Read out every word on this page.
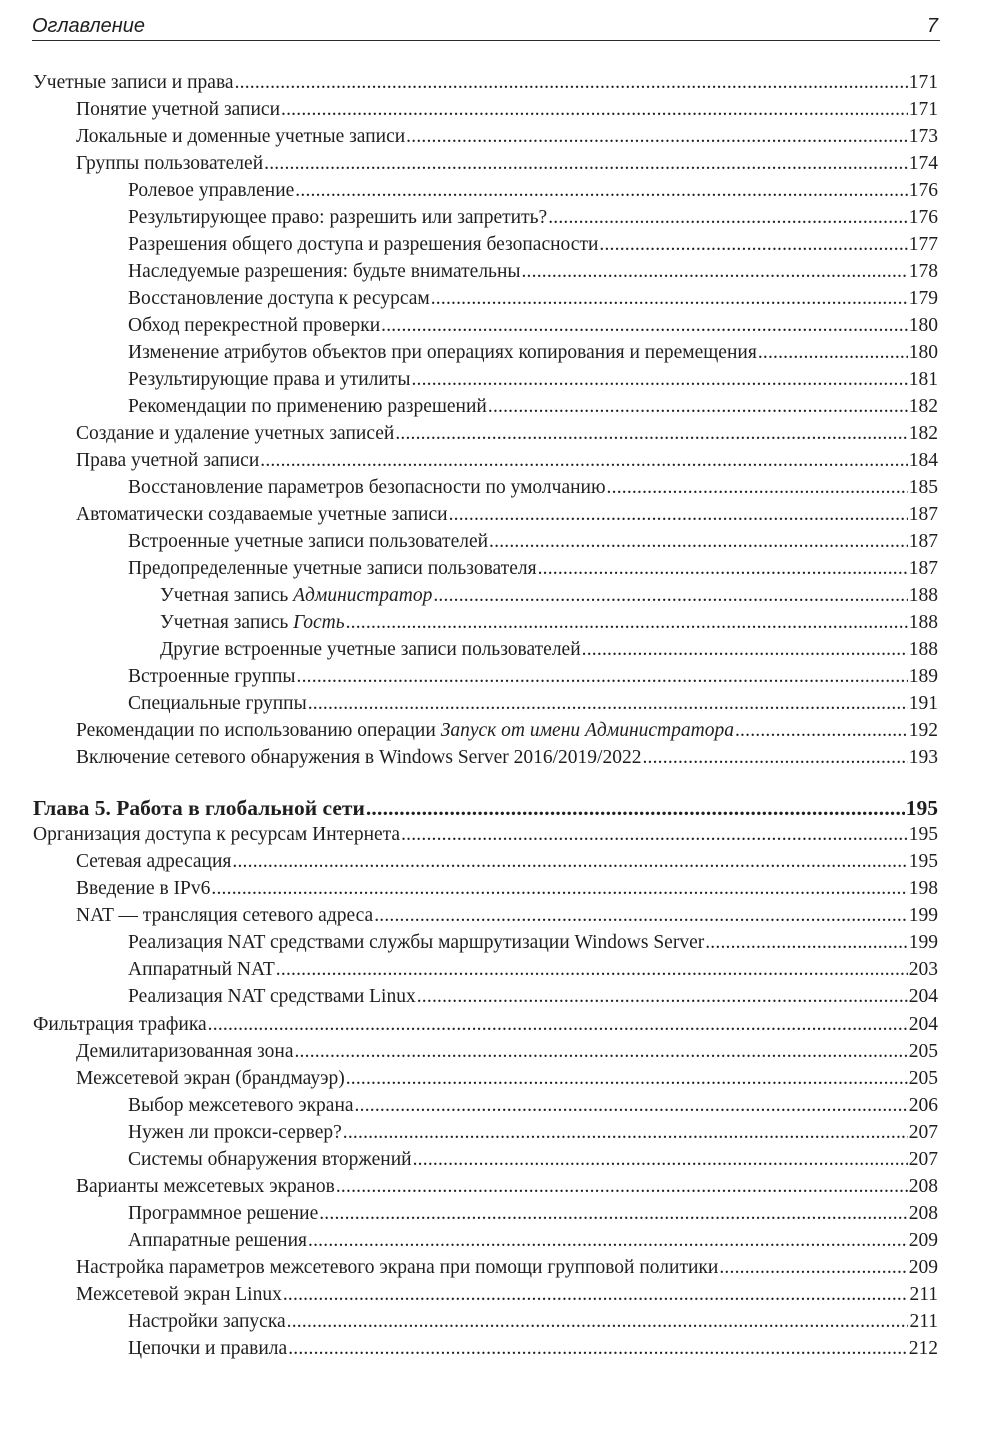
Оглавление	7
Учетные записи и права .....	171
Понятие учетной записи .....	171
Локальные и доменные учетные записи .....	173
Группы пользователей .....	174
Ролевое управление .....	176
Результирующее право: разрешить или запретить? .....	176
Разрешения общего доступа и разрешения безопасности .....	177
Наследуемые разрешения: будьте внимательны .....	178
Восстановление доступа к ресурсам .....	179
Обход перекрестной проверки .....	180
Изменение атрибутов объектов при операциях копирования и перемещения .....	180
Результирующие права и утилиты .....	181
Рекомендации по применению разрешений .....	182
Создание и удаление учетных записей .....	182
Права учетной записи .....	184
Восстановление параметров безопасности по умолчанию .....	185
Автоматически создаваемые учетные записи .....	187
Встроенные учетные записи пользователей .....	187
Предопределенные учетные записи пользователя .....	187
Учетная запись Администратор .....	188
Учетная запись Гость .....	188
Другие встроенные учетные записи пользователей .....	188
Встроенные группы .....	189
Специальные группы .....	191
Рекомендации по использованию операции Запуск от имени Администратора .....	192
Включение сетевого обнаружения в Windows Server 2016/2019/2022 .....	193
Глава 5. Работа в глобальной сети .....	195
Организация доступа к ресурсам Интернета .....	195
Сетевая адресация .....	195
Введение в IPv6 .....	198
NAT — трансляция сетевого адреса .....	199
Реализация NAT средствами службы маршрутизации Windows Server .....	199
Аппаратный NAT .....	203
Реализация NAT средствами Linux .....	204
Фильтрация трафика .....	204
Демилитаризованная зона .....	205
Межсетевой экран (брандмауэр) .....	205
Выбор межсетевого экрана .....	206
Нужен ли прокси-сервер? .....	207
Системы обнаружения вторжений .....	207
Варианты межсетевых экранов .....	208
Программное решение .....	208
Аппаратные решения .....	209
Настройка параметров межсетевого экрана при помощи групповой политики .....	209
Межсетевой экран Linux .....	211
Настройки запуска .....	211
Цепочки и правила .....	212
